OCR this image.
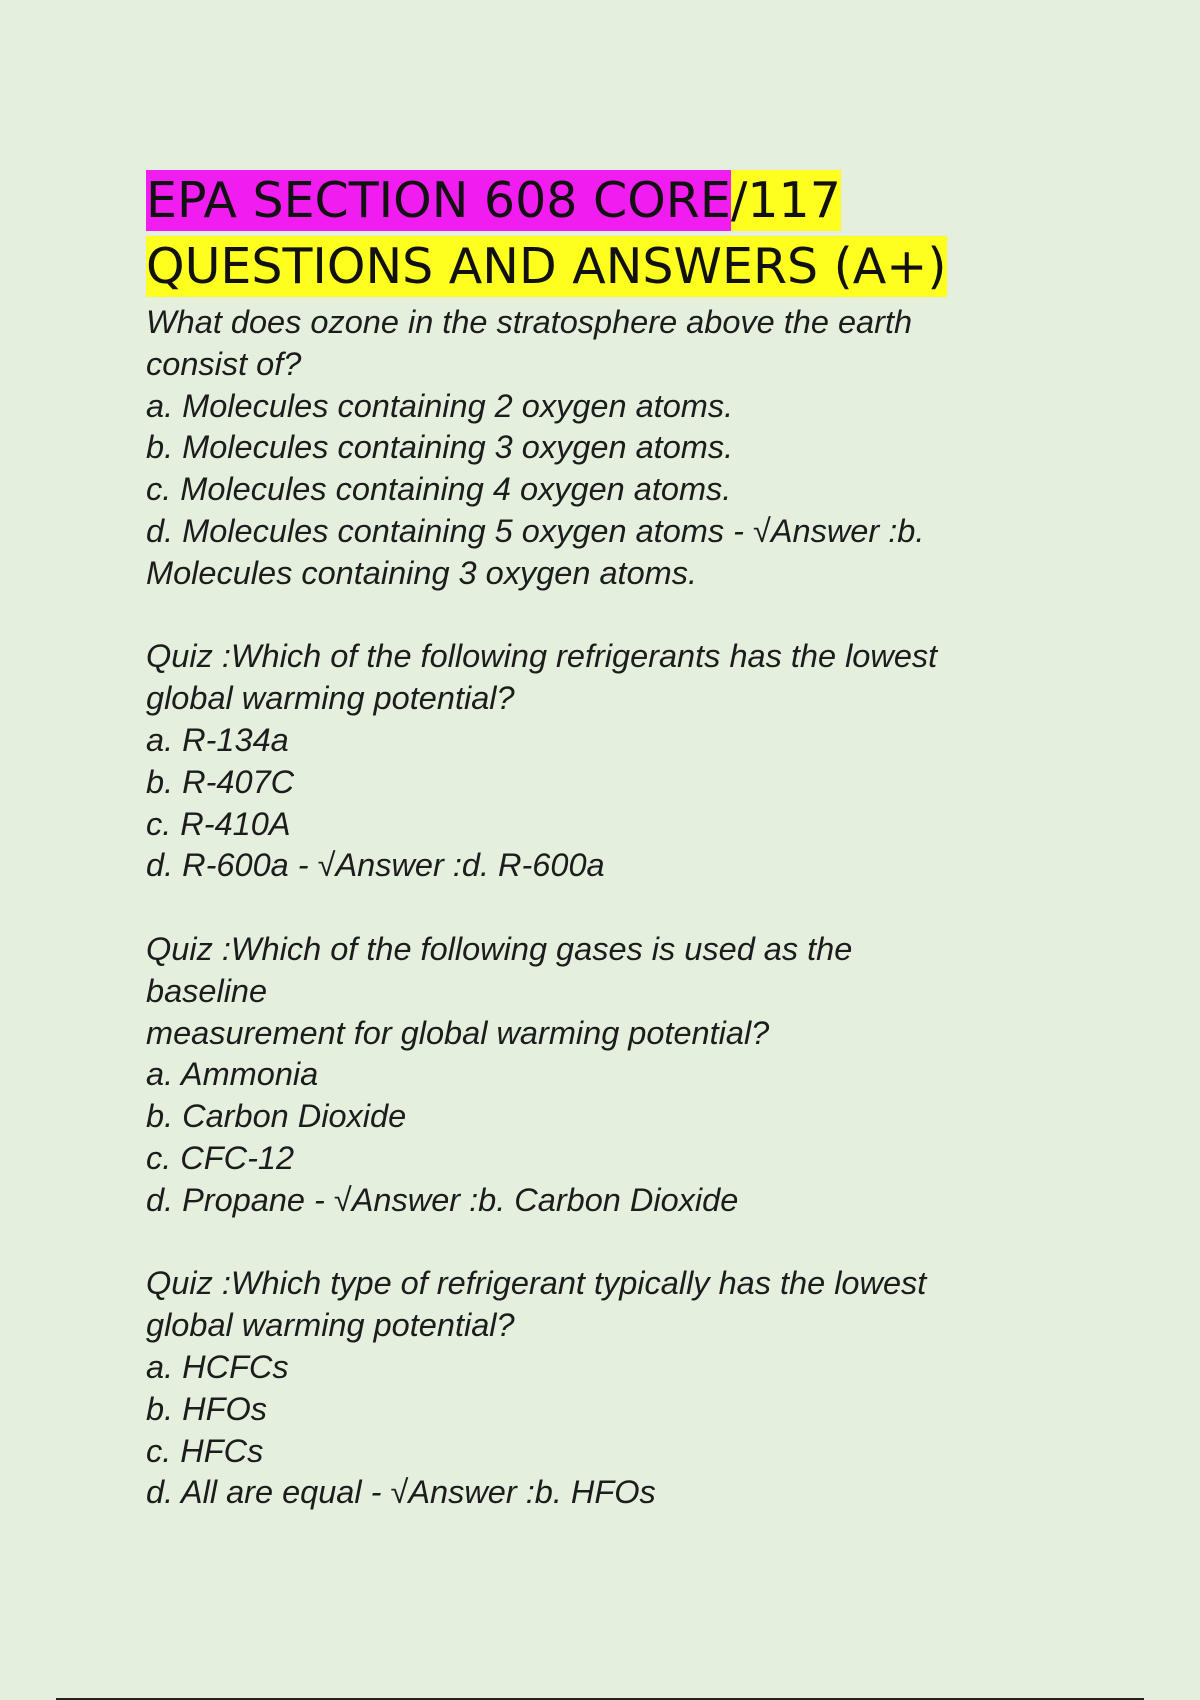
EPA SECTION 608 CORE/117
QUESTIONS AND ANSWERS (A+)
What does ozone in the stratosphere above the earth
consist of?
a. Molecules containing 2 oxygen atoms.
b. Molecules containing 3 oxygen atoms.
c. Molecules containing 4 oxygen atoms.
d. Molecules containing 5 oxygen atoms - √Answer :b.
Molecules containing 3 oxygen atoms.
Quiz :Which of the following refrigerants has the lowest
global warming potential?
a. R-134a
b. R-407C
c. R-410A
d. R-600a - √Answer :d. R-600a
Quiz :Which of the following gases is used as the
baseline
measurement for global warming potential?
a. Ammonia
b. Carbon Dioxide
c. CFC-12
d. Propane - √Answer :b. Carbon Dioxide
Quiz :Which type of refrigerant typically has the lowest
global warming potential?
a. HCFCs
b. HFOs
c. HFCs
d. All are equal - √Answer :b. HFOs
